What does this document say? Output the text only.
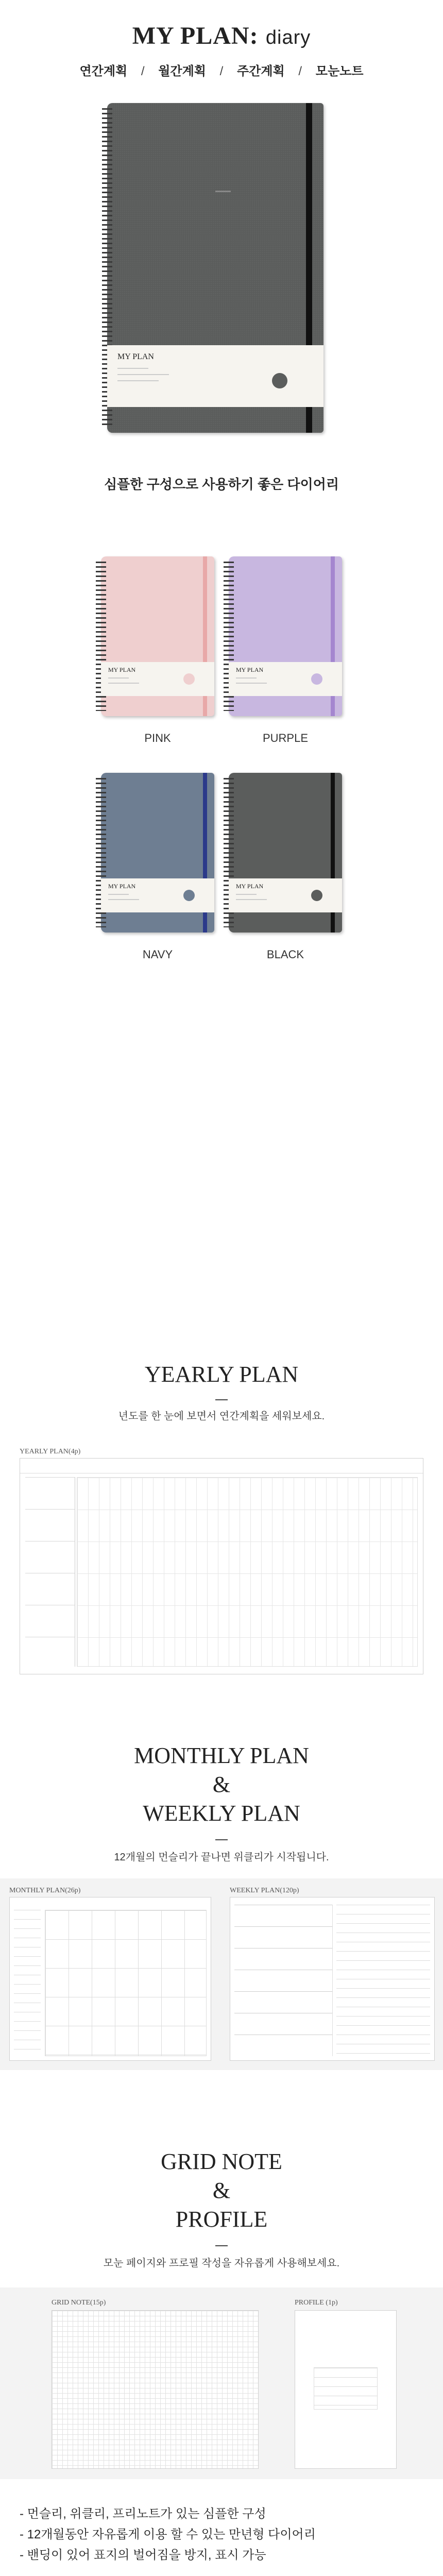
MY PLAN: diary
연간계획 / 월간계획 / 주간계획 / 모눈노트
MY PLAN
심플한 구성으로 사용하기 좋은 다이어리
MY PLAN
PINK
MY PLAN
PURPLE
MY PLAN
NAVY
MY PLAN
BLACK
YEARLY PLAN
년도를 한 눈에 보면서 연간계획을 세워보세요.
YEARLY PLAN(4p)
MONTHLY PLAN
&
WEEKLY PLAN
12개월의 먼슬리가 끝나면 위클리가 시작됩니다.
MONTHLY PLAN(26p)	WEEKLY PLAN(120p)
GRID NOTE
&
PROFILE
모눈 페이지와 프로필 작성을 자유롭게 사용해보세요.
GRID NOTE(15p)	PROFILE (1p)
- 먼슬리, 위클리, 프리노트가 있는 심플한 구성
- 12개월동안 자유롭게 이용 할 수 있는 만년형 다이어리
- 밴딩이 있어 표지의 벌어짐을 방지, 표시 가능
